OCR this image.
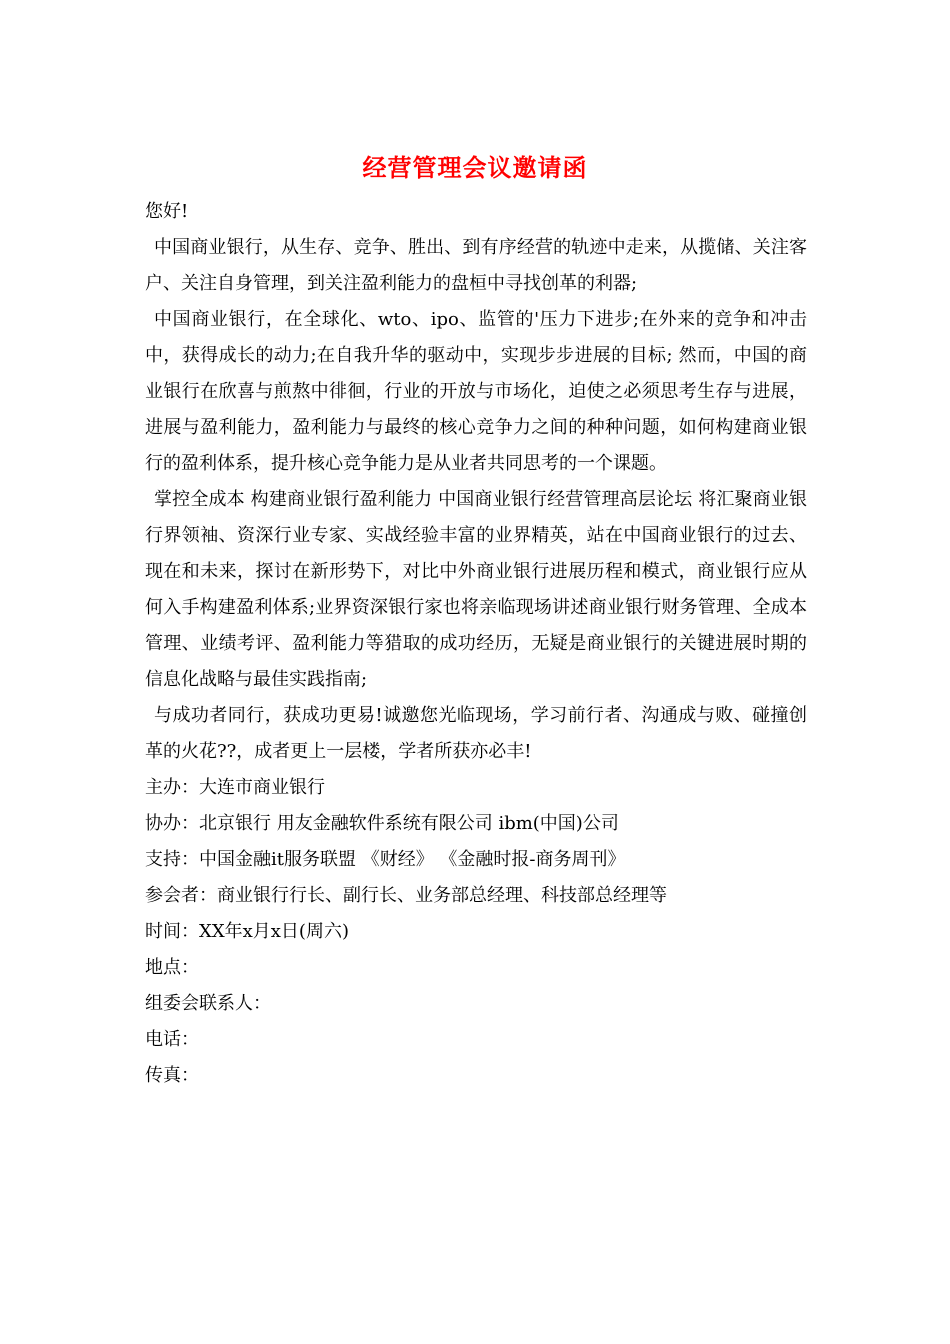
经营管理会议邀请函

您好!

中国商业银行，从生存、竞争、胜出、到有序经营的轨迹中走来，从揽储、关注客户、关注自身管理，到关注盈利能力的盘桓中寻找创革的利器;

中国商业银行，在全球化、wto、ipo、监管的'压力下进步;在外来的竞争和冲击中，获得成长的动力;在自我升华的驱动中，实现步步进展的目标; 然而，中国的商业银行在欣喜与煎熬中徘徊，行业的开放与市场化，迫使之必须思考生存与进展，进展与盈利能力，盈利能力与最终的核心竞争力之间的种种问题，如何构建商业银行的盈利体系，提升核心竞争能力是从业者共同思考的一个课题。

掌控全成本 构建商业银行盈利能力 中国商业银行经营管理高层论坛 将汇聚商业银行界领袖、资深行业专家、实战经验丰富的业界精英，站在中国商业银行的过去、现在和未来，探讨在新形势下，对比中外商业银行进展历程和模式，商业银行应从何入手构建盈利体系;业界资深银行家也将亲临现场讲述商业银行财务管理、全成本管理、业绩考评、盈利能力等猎取的成功经历，无疑是商业银行的关键进展时期的信息化战略与最佳实践指南;

与成功者同行，获成功更易!诚邀您光临现场，学习前行者、沟通成与败、碰撞创革的火花??，成者更上一层楼，学者所获亦必丰!

主办：大连市商业银行

协办：北京银行 用友金融软件系统有限公司 ibm(中国)公司

支持：中国金融it服务联盟 《财经》 《金融时报-商务周刊》

参会者：商业银行行长、副行长、业务部总经理、科技部总经理等

时间：XX年x月x日(周六)

地点：

组委会联系人：

电话：

传真：
